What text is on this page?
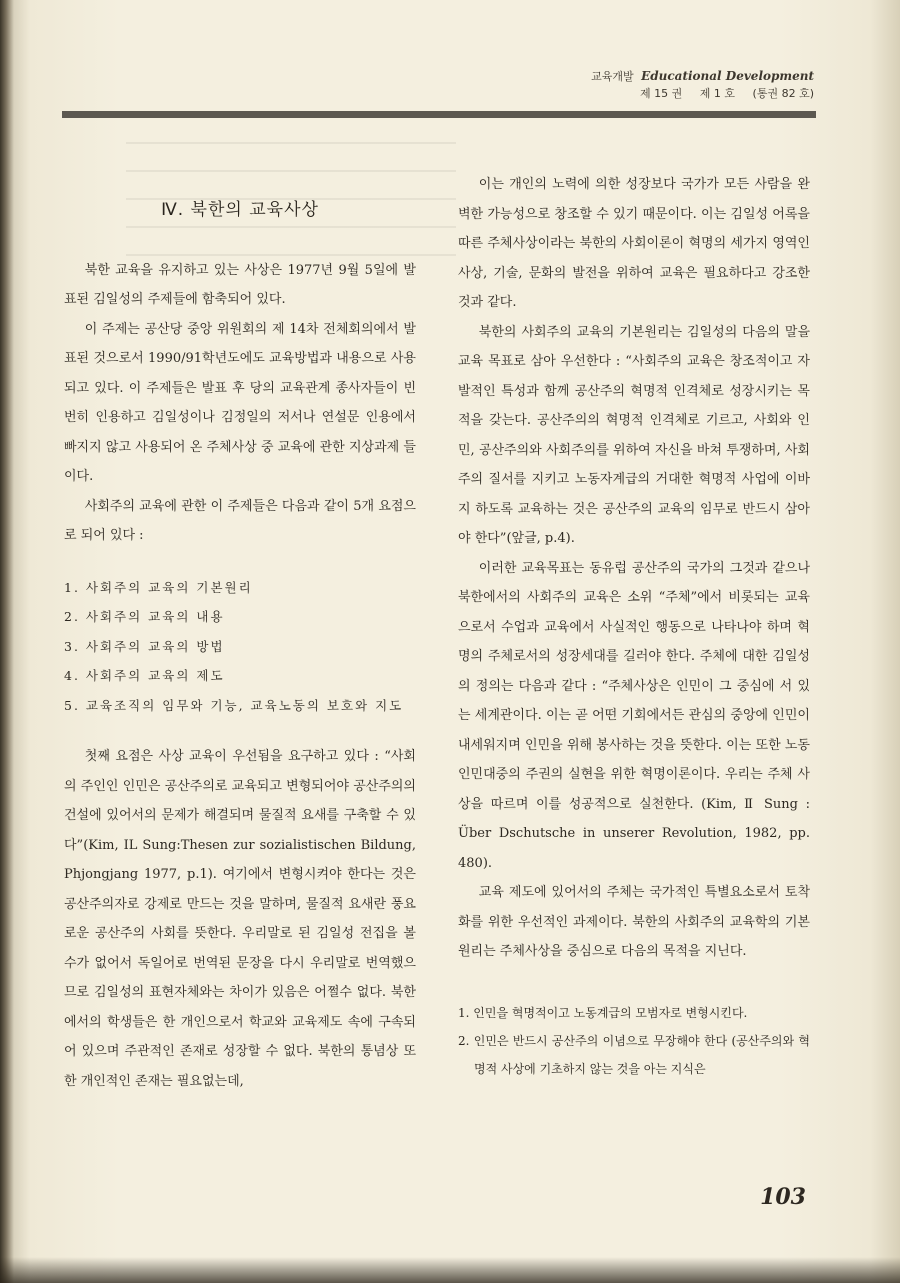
교육개발 Educational Development
제 15 권 제 1 호 (통권 82 호)
Ⅳ. 북한의 교육사상

북한 교육을 유지하고 있는 사상은 1977년 9월 5일에 발표된 김일성의 주제들에 함축되어 있다.

이 주제는 공산당 중앙 위원회의 제 14차 전체회의에서 발표된 것으로서 1990/91학년도에도 교육방법과 내용으로 사용되고 있다. 이 주제들은 발표 후 당의 교육관계 종사자들이 빈번히 인용하고 김일성이나 김정일의 저서나 연설문 인용에서 빠지지 않고 사용되어 온 주체사상 중 교육에 관한 지상과제 들이다.

사회주의 교육에 관한 이 주제들은 다음과 같이 5개 요점으로 되어 있다 :

1. 사회주의 교육의 기본원리
2. 사회주의 교육의 내용
3. 사회주의 교육의 방법
4. 사회주의 교육의 제도
5. 교육조직의 임무와 기능, 교육노동의 보호와 지도

첫째 요점은 사상 교육이 우선됨을 요구하고 있다 : “사회의 주인인 인민은 공산주의로 교육되고 변형되어야 공산주의의 건설에 있어서의 문제가 해결되며 물질적 요새를 구축할 수 있다”(Kim, IL Sung:Thesen zur sozialistischen Bildung, Phjongjang 1977, p.1). 여기에서 변형시켜야 한다는 것은 공산주의자로 강제로 만드는 것을 말하며, 물질적 요새란 풍요로운 공산주의 사회를 뜻한다. 우리말로 된 김일성 전집을 볼 수가 없어서 독일어로 번역된 문장을 다시 우리말로 번역했으므로 김일성의 표현자체와는 차이가 있음은 어쩔수 없다. 북한에서의 학생들은 한 개인으로서 학교와 교육제도 속에 구속되어 있으며 주관적인 존재로 성장할 수 없다. 북한의 통념상 또한 개인적인 존재는 필요없는데,

이는 개인의 노력에 의한 성장보다 국가가 모든 사람을 완벽한 가능성으로 창조할 수 있기 때문이다. 이는 김일성 어록을 따른 주체사상이라는 북한의 사회이론이 혁명의 세가지 영역인 사상, 기술, 문화의 발전을 위하여 교육은 필요하다고 강조한 것과 같다.

북한의 사회주의 교육의 기본원리는 김일성의 다음의 말을 교육 목표로 삼아 우선한다 : “사회주의 교육은 창조적이고 자발적인 특성과 함께 공산주의 혁명적 인격체로 성장시키는 목적을 갖는다. 공산주의의 혁명적 인격체로 기르고, 사회와 인민, 공산주의와 사회주의를 위하여 자신을 바쳐 투쟁하며, 사회주의 질서를 지키고 노동자계급의 거대한 혁명적 사업에 이바지 하도록 교육하는 것은 공산주의 교육의 임무로 반드시 삼아야 한다”(앞글, p.4).

이러한 교육목표는 동유럽 공산주의 국가의 그것과 같으나 북한에서의 사회주의 교육은 소위 “주체”에서 비롯되는 교육으로서 수업과 교육에서 사실적인 행동으로 나타나야 하며 혁명의 주체로서의 성장세대를 길러야 한다. 주체에 대한 김일성의 정의는 다음과 같다 : “주체사상은 인민이 그 중심에 서 있는 세계관이다. 이는 곧 어떤 기회에서든 관심의 중앙에 인민이 내세워지며 인민을 위해 봉사하는 것을 뜻한다. 이는 또한 노동 인민대중의 주권의 실현을 위한 혁명이론이다. 우리는 주체 사상을 따르며 이를 성공적으로 실천한다. (Kim, Ⅱ Sung : Über Dschutsche in unserer Revolution, 1982, pp. 480).

교육 제도에 있어서의 주체는 국가적인 특별요소로서 토착화를 위한 우선적인 과제이다. 북한의 사회주의 교육학의 기본원리는 주체사상을 중심으로 다음의 목적을 지닌다.

1. 인민을 혁명적이고 노동계급의 모범자로 변형시킨다.
2. 인민은 반드시 공산주의 이념으로 무장해야 한다 (공산주의와 혁명적 사상에 기초하지 않는 것을 아는 지식은
103
